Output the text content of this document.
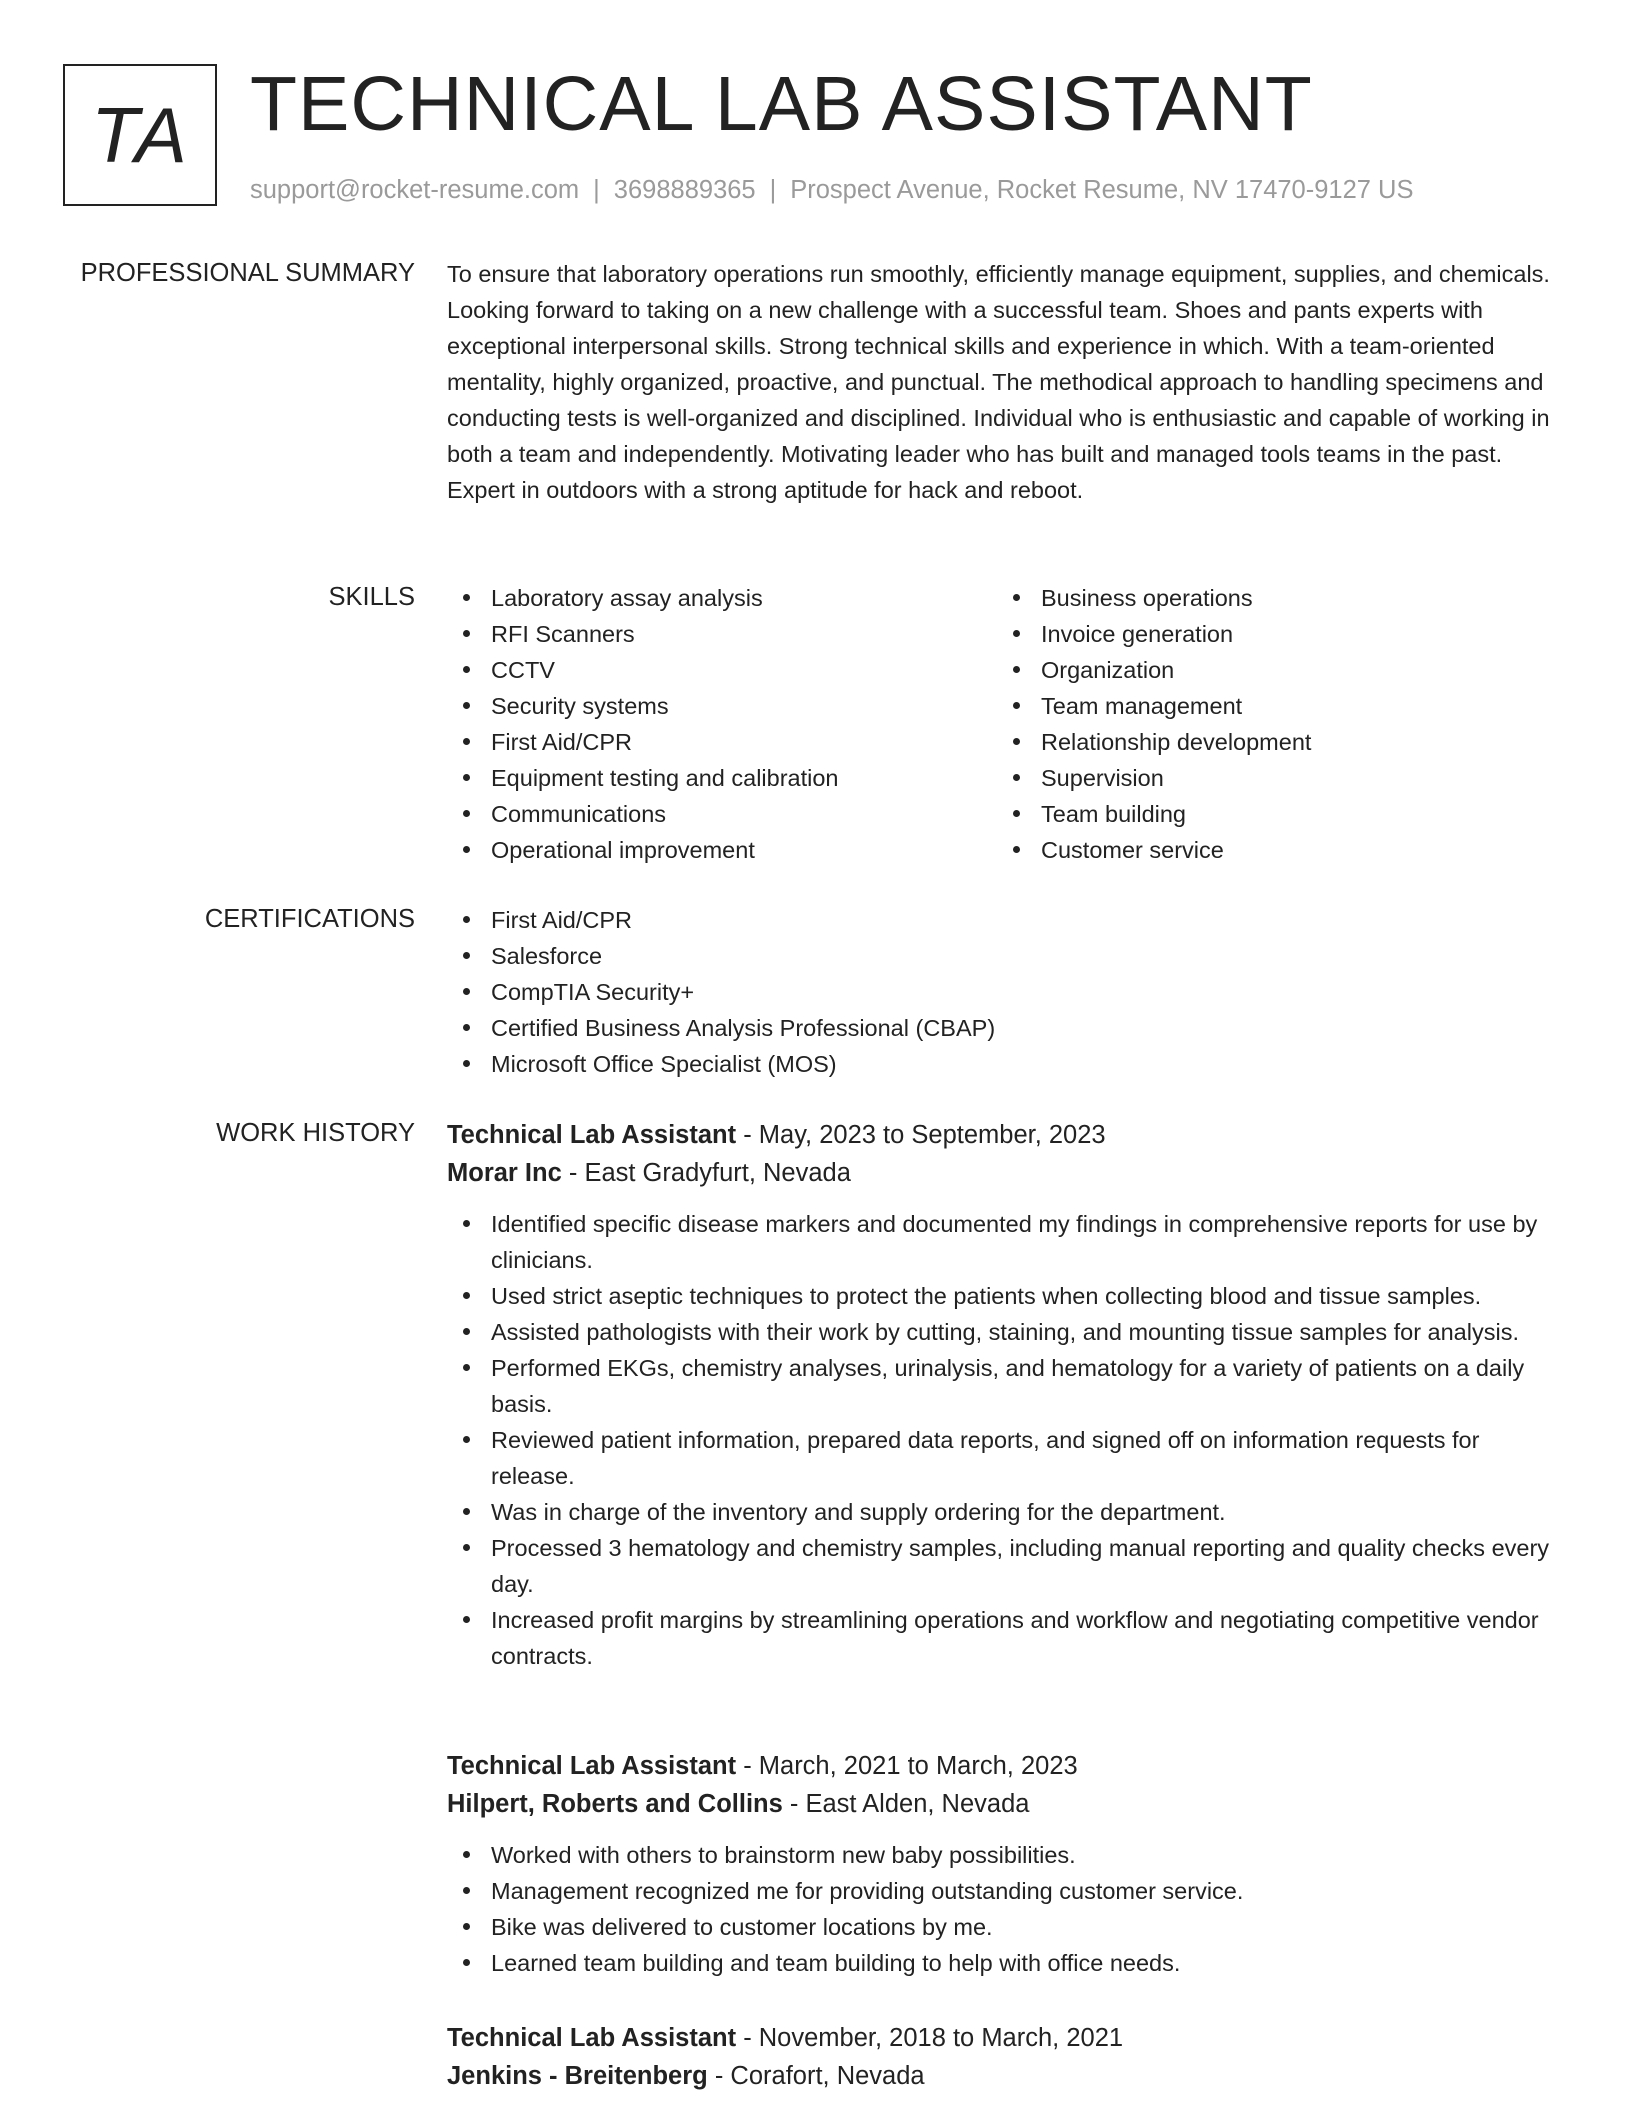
TA TECHNICAL LAB ASSISTANT
support@rocket-resume.com | 3698889365 | Prospect Avenue, Rocket Resume, NV 17470-9127 US
PROFESSIONAL SUMMARY To ensure that laboratory operations run smoothly, efficiently manage equipment, supplies, and chemicals. Looking forward to taking on a new challenge with a successful team. Shoes and pants experts with exceptional interpersonal skills. Strong technical skills and experience in which. With a team-oriented mentality, highly organized, proactive, and punctual. The methodical approach to handling specimens and conducting tests is well-organized and disciplined. Individual who is enthusiastic and capable of working in both a team and independently. Motivating leader who has built and managed tools teams in the past. Expert in outdoors with a strong aptitude for hack and reboot.
SKILLS	Laboratory assay analysis
RFI Scanners
CCTV
Security systems
First Aid/CPR
Equipment testing and calibration
Communications
Operational improvement
Business operations
Invoice generation
Organization
Team management
Relationship development
Supervision
Team building
Customer service
CERTIFICATIONS	First Aid/CPR
Salesforce
CompTIA Security+
Certified Business Analysis Professional (CBAP)
Microsoft Office Specialist (MOS)
WORK HISTORY Technical Lab Assistant - May, 2023 to September, 2023
Morar Inc - East Gradyfurt, Nevada
Identified specific disease markers and documented my findings in comprehensive reports for use by clinicians.
Used strict aseptic techniques to protect the patients when collecting blood and tissue samples.
Assisted pathologists with their work by cutting, staining, and mounting tissue samples for analysis.
Performed EKGs, chemistry analyses, urinalysis, and hematology for a variety of patients on a daily basis.
Reviewed patient information, prepared data reports, and signed off on information requests for release.
Was in charge of the inventory and supply ordering for the department.
Processed 3 hematology and chemistry samples, including manual reporting and quality checks every day.
Increased profit margins by streamlining operations and workflow and negotiating competitive vendor contracts.
Technical Lab Assistant - March, 2021 to March, 2023
Hilpert, Roberts and Collins - East Alden, Nevada
Worked with others to brainstorm new baby possibilities.
Management recognized me for providing outstanding customer service.
Bike was delivered to customer locations by me.
Learned team building and team building to help with office needs.
Technical Lab Assistant - November, 2018 to March, 2021
Jenkins - Breitenberg - Corafort, Nevada
